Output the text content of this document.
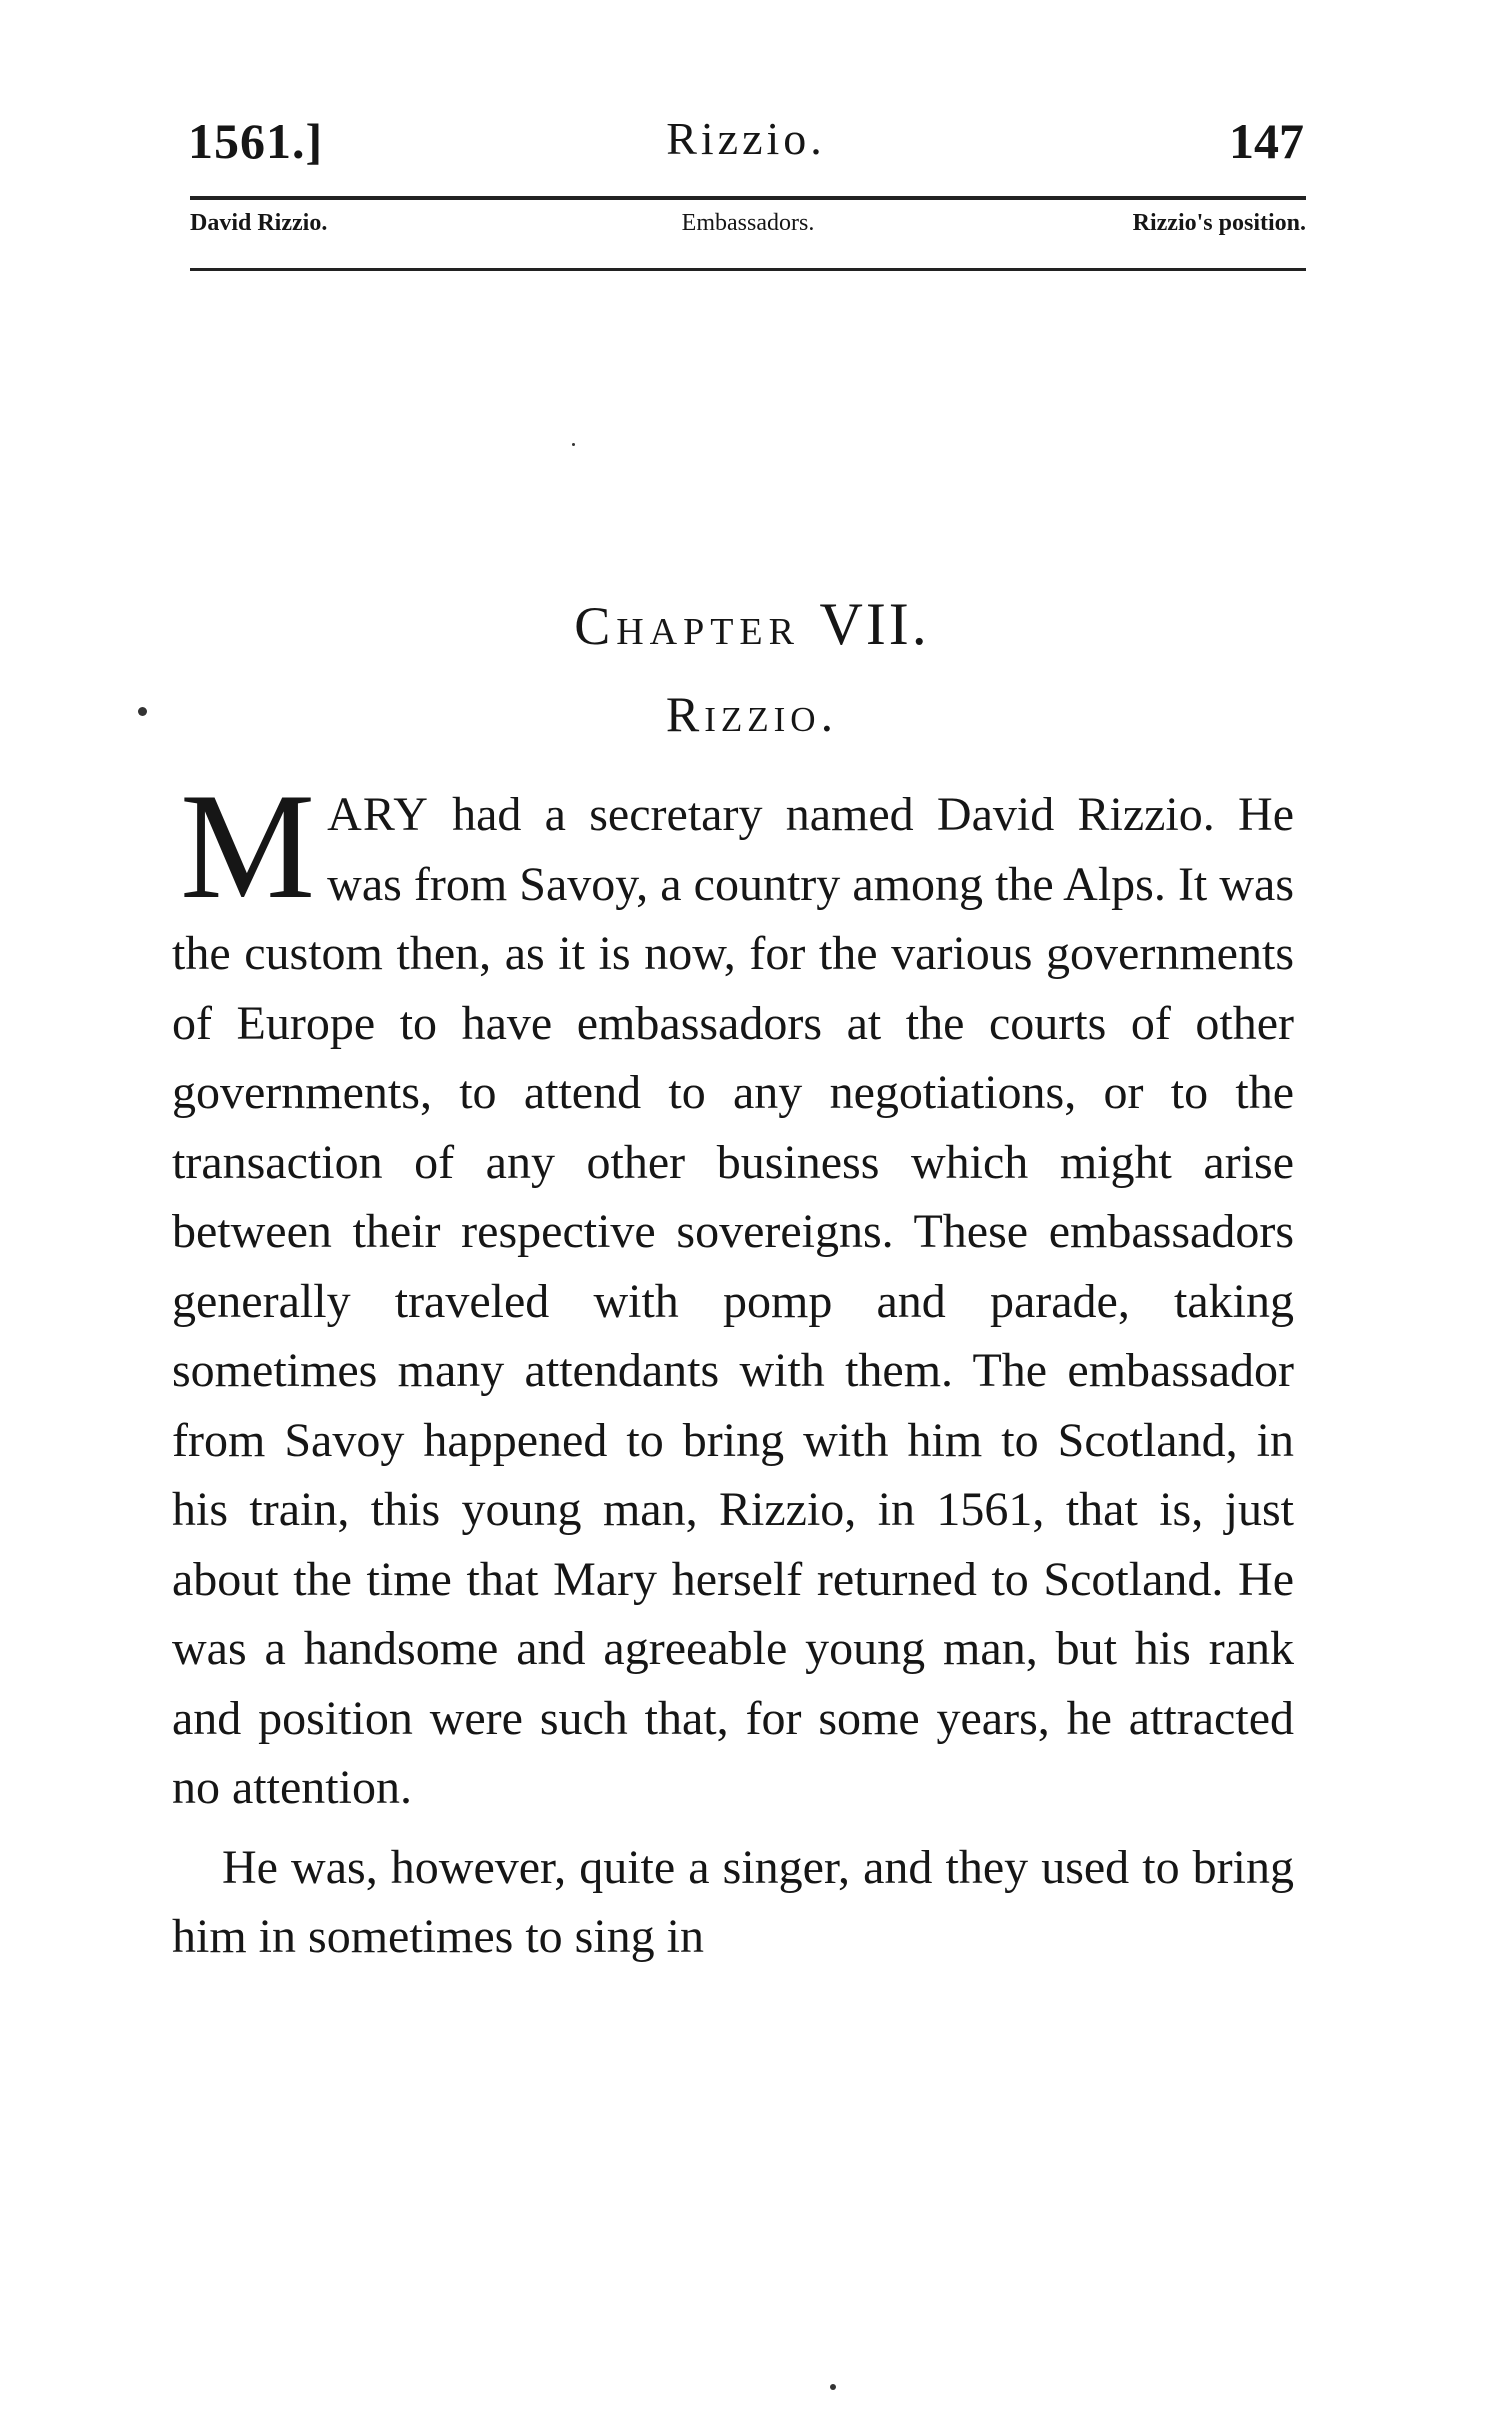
1561.]	Rizzio.	147
David Rizzio.	Embassadors.	Rizzio's position.
Chapter VII.
Rizzio.

MARY had a secretary named David Rizzio. He was from Savoy, a country among the Alps. It was the custom then, as it is now, for the various governments of Europe to have embassadors at the courts of other governments, to attend to any negotiations, or to the transaction of any other business which might arise between their respective sovereigns. These embassadors generally traveled with pomp and parade, taking sometimes many attendants with them. The embassador from Savoy happened to bring with him to Scotland, in his train, this young man, Rizzio, in 1561, that is, just about the time that Mary herself returned to Scotland. He was a handsome and agreeable young man, but his rank and position were such that, for some years, he attracted no attention.

He was, however, quite a singer, and they used to bring him in sometimes to sing in
